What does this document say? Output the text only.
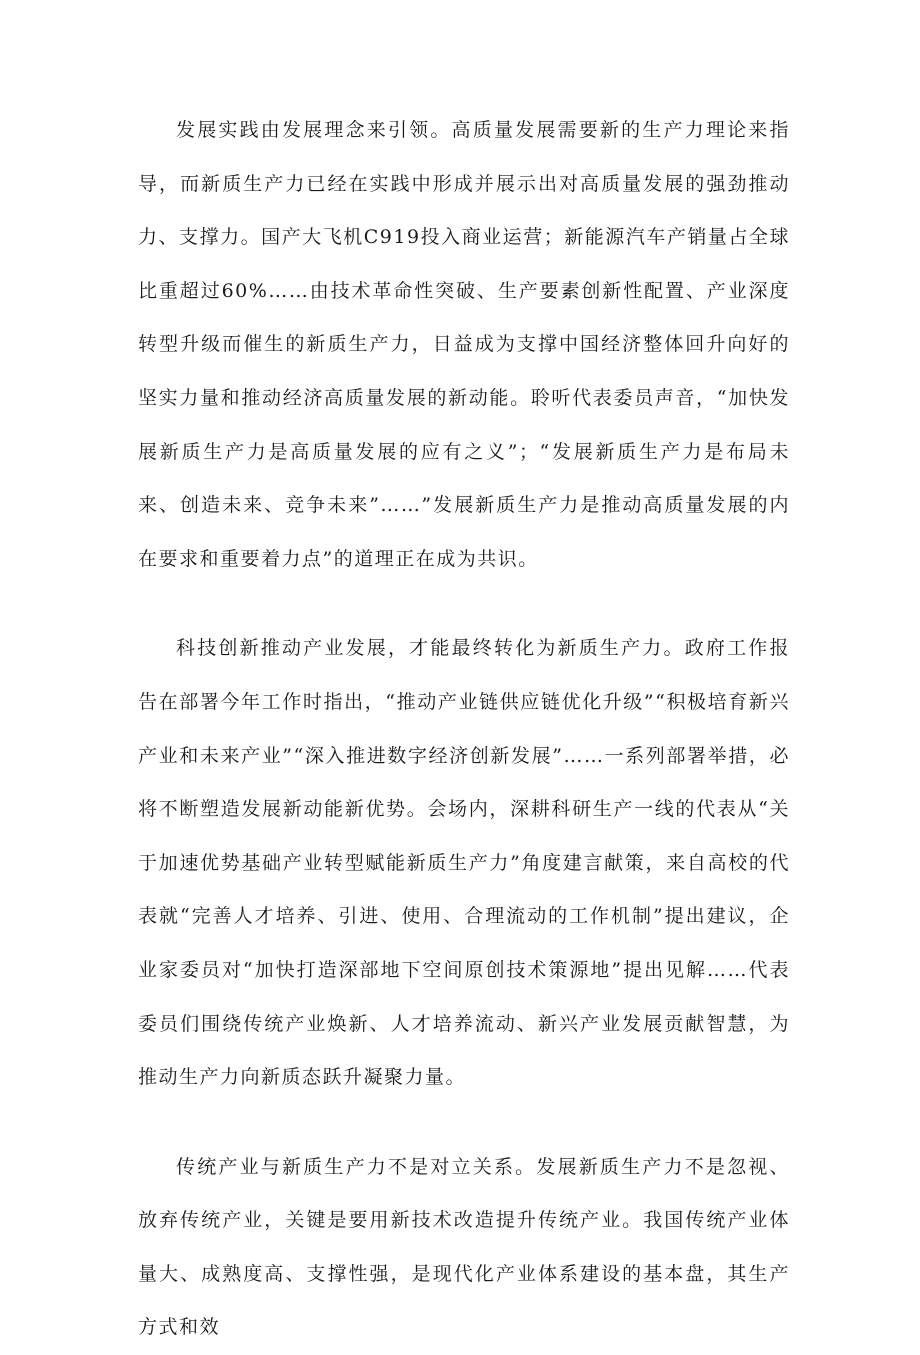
发展实践由发展理念来引领。高质量发展需要新的生产力理论来指导，而新质生产力已经在实践中形成并展示出对高质量发展的强劲推动力、支撑力。国产大飞机C919投入商业运营；新能源汽车产销量占全球比重超过60%……由技术革命性突破、生产要素创新性配置、产业深度转型升级而催生的新质生产力，日益成为支撑中国经济整体回升向好的坚实力量和推动经济高质量发展的新动能。聆听代表委员声音，“加快发展新质生产力是高质量发展的应有之义”；“发展新质生产力是布局未来、创造未来、竞争未来”……”发展新质生产力是推动高质量发展的内在要求和重要着力点”的道理正在成为共识。

科技创新推动产业发展，才能最终转化为新质生产力。政府工作报告在部署今年工作时指出，“推动产业链供应链优化升级”“积极培育新兴产业和未来产业”“深入推进数字经济创新发展”……一系列部署举措，必将不断塑造发展新动能新优势。会场内，深耕科研生产一线的代表从“关于加速优势基础产业转型赋能新质生产力”角度建言献策，来自高校的代表就“完善人才培养、引进、使用、合理流动的工作机制”提出建议，企业家委员对“加快打造深部地下空间原创技术策源地”提出见解……代表委员们围绕传统产业焕新、人才培养流动、新兴产业发展贡献智慧，为推动生产力向新质态跃升凝聚力量。

传统产业与新质生产力不是对立关系。发展新质生产力不是忽视、放弃传统产业，关键是要用新技术改造提升传统产业。我国传统产业体量大、成熟度高、支撑性强，是现代化产业体系建设的基本盘，其生产方式和效
